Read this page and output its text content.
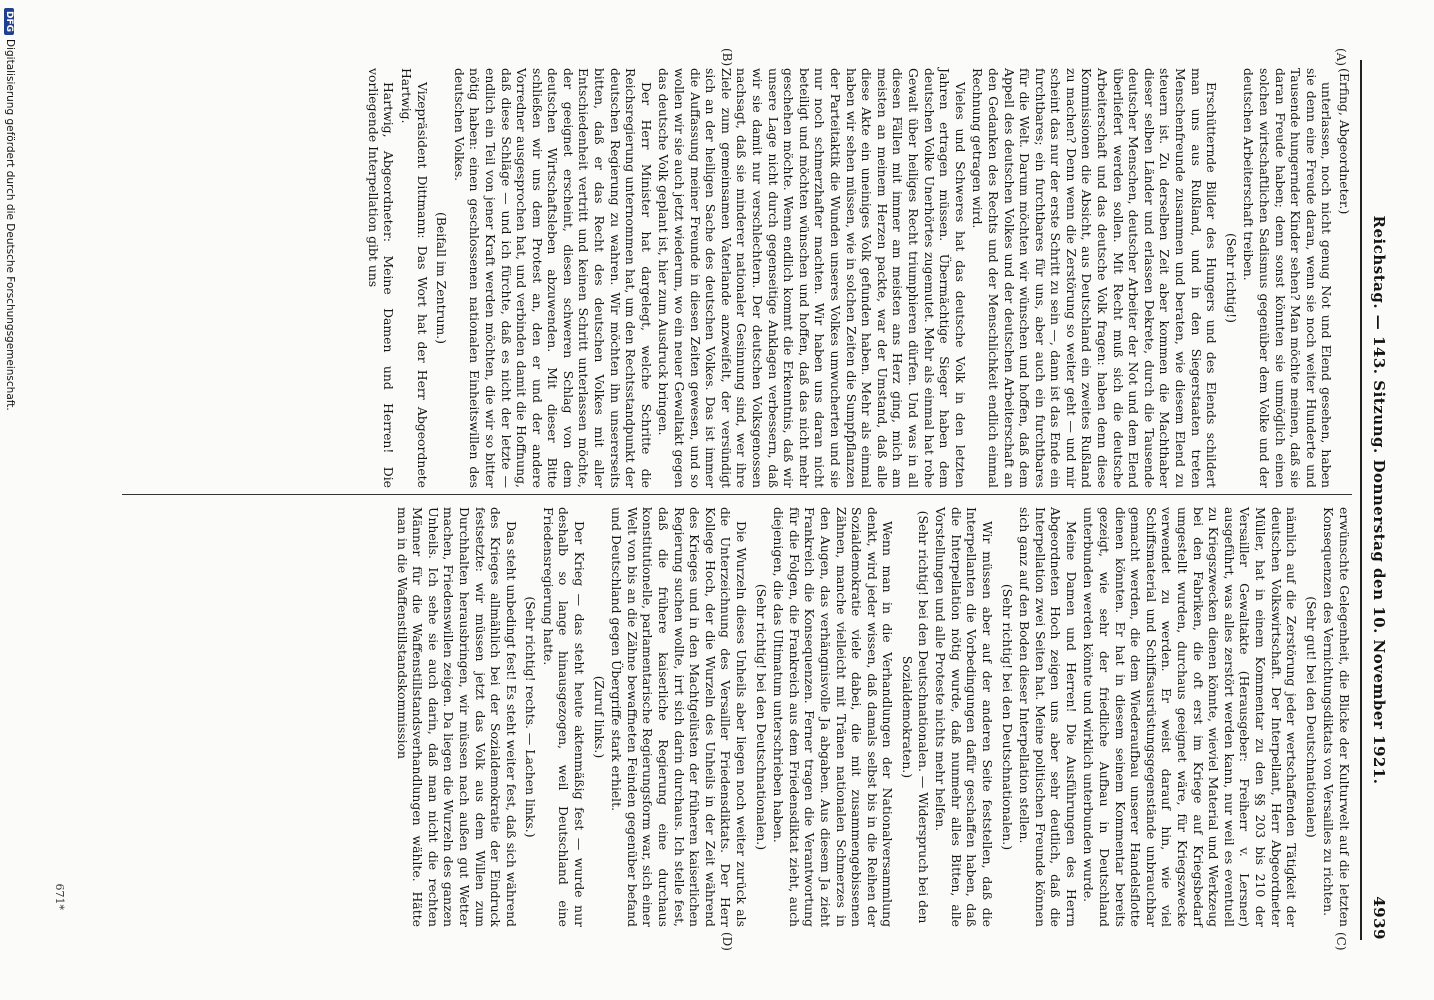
Reichstag. — 143. Sitzung. Donnerstag den 10. November 1921.
4939
(A)
(B)
(C)
(D)

(Erfing, Abgeordneter.)

unterlassen, noch nicht genug Not und Elend gesehen, haben sie denn eine Freude daran, wenn sie noch weiter Hunderte und Tausende hungernder Kinder sehen? Man möchte meinen, daß sie daran Freude haben; denn sonst könnten sie unmöglich einen solchen wirtschaftlichen Sadismus gegenüber dem Volke und der deutschen Arbeiterschaft treiben.

(Sehr richtig!)

Erschütternde Bilder des Hungers und des Elends schildert man uns aus Rußland, und in den Siegerstaaten treten Menschenfreunde zusammen und beraten, wie diesem Elend zu steuern ist. Zu derselben Zeit aber kommen die Machthaber dieser selben Länder und erlassen Dekrete, durch die Tausende deutscher Menschen, deutscher Arbeiter der Not und dem Elend überliefert werden sollen. Mit Recht muß sich die deutsche Arbeiterschaft und das deutsche Volk fragen: haben denn diese Kommissionen die Absicht, aus Deutschland ein zweites Rußland zu machen? Denn wenn die Zerstörung so weiter geht — und mir scheint das nur der erste Schritt zu sein —, dann ist das Ende ein furchtbares; ein furchtbares für uns, aber auch ein furchtbares für die Welt. Darum möchten wir wünschen und hoffen, daß dem Appell des deutschen Volkes und der deutschen Arbeiterschaft an den Gedanken des Rechts und der Menschlichkeit endlich einmal Rechnung getragen wird.

Vieles und Schweres hat das deutsche Volk in den letzten Jahren ertragen müssen. Übermächtige Sieger haben dem deutschen Volke Unerhörtes zugemutet. Mehr als einmal hat rohe Gewalt über heiliges Recht triumphieren dürfen. Und was in all diesen Fällen mit immer am meisten ans Herz ging, mich am meisten an meinem Herzen packte, war der Umstand, daß alle diese Akte ein uneiniges Volk gefunden haben. Mehr als einmal haben wir sehen müssen, wie in solchen Zeiten die Sumpfpflanzen der Parteitaktik die Wunden unseres Volkes umwucherten und sie nur noch schmerzhafter machten. Wir haben uns daran nicht beteiligt und möchten wünschen und hoffen, daß das nicht mehr geschehen möchte. Wenn endlich kommt die Erkenntnis, daß wir unsere Lage nicht durch gegenseitige Anklagen verbessern, daß wir sie damit nur verschlechtern. Der deutschen Volksgenossen nachsagt, daß sie minderer nationaler Gesinnung sind, wer ihre Ziele zum gemeinsamen Vaterlande anzweifelt, der versündigt sich an der heiligen Sache des deutschen Volkes. Das ist immer die Auffassung meiner Freunde in diesen Zeiten gewesen, und so wollen wir sie auch jetzt wiederum, wo ein neuer Gewaltakt gegen das deutsche Volk geplant ist, hier zum Ausdruck bringen.

Der Herr Minister hat dargelegt, welche Schritte die Reichsregierung unternommen hat, um den Rechtsstandpunkt der deutschen Regierung zu wahren. Wir möchten ihn unsererseits bitten, daß er das Recht des deutschen Volkes mit aller Entschiedenheit vertritt und keinen Schritt unterlassen möchte, der geeignet erscheint, diesen schweren Schlag von dem deutschen Wirtschaftsleben abzuwenden. Mit dieser Bitte schließen wir uns dem Protest an, den er und der andere Vorredner ausgesprochen hat, und verbinden damit die Hoffnung, daß diese Schläge — und ich fürchte, daß es nicht der letzte — endlich ein Teil von jener Kraft werden möchten, die wir so bitter nötig haben: einen geschlossenen nationalen Einheitswillen des deutschen Volkes.

(Beifall im Zentrum.)

Vizepräsident Dittmann: Das Wort hat der Herr Abgeordnete Hartwig.

Hartwig, Abgeordneter: Meine Damen und Herren! Die vorliegende Interpellation gibt uns

erwünschte Gelegenheit, die Blicke der Kulturwelt auf die letzten Konsequenzen des Vernichtungsdiktats von Versailles zu richten.

(Sehr gut! bei den Deutschnationalen)

nämlich auf die Zerstörung jeder wertschaffenden Tätigkeit der deutschen Volkswirtschaft. Der Interpellant, Herr Abgeordneter Müller, hat in einem Kommentar zu den §§ 203 bis 210 der Versailler Gewaltakte (Herausgeber: Freiherr v. Lersner) ausgeführt, was alles zerstört werden kann, nur weil es eventuell zu Kriegszwecken dienen könnte, wieviel Material und Werkzeug bei den Fabriken, die oft erst im Kriege auf Kriegsbedarf umgestellt wurden, durchaus geeignet wäre, für Kriegszwecke verwendet zu werden. Er weist darauf hin, wie viel Schiffsmaterial und Schiffsausrüstungsgegenstände unbrauchbar gemacht werden, die dem Wiederaufbau unserer Handelsflotte dienen könnten. Er hat in diesem seinem Kommentar bereits gezeigt, wie sehr der friedliche Aufbau in Deutschland unterbunden werden könnte und wirklich unterbunden wurde.

Meine Damen und Herren! Die Ausführungen des Herrn Abgeordneten Hoch zeigen uns aber sehr deutlich, daß die Interpellation zwei Seiten hat. Meine politischen Freunde können sich ganz auf den Boden dieser Interpellation stellen.

(Sehr richtig! bei den Deutschnationalen.)

Wir müssen aber auf der anderen Seite feststellen, daß die Interpellanten die Vorbedingungen dafür geschaffen haben, daß die Interpellation nötig wurde, daß nunmehr alles Bitten, alle Vorstellungen und alle Proteste nichts mehr helfen.

(Sehr richtig! bei den Deutschnationalen. — Widerspruch bei den Sozialdemokraten.)

Wenn man in die Verhandlungen der Nationalversammlung denkt, wird jeder wissen, daß damals selbst bis in die Reihen der Sozialdemokratie viele dabei, die mit zusammengebissenen Zähnen, manche vielleicht mit Tränen nationalen Schmerzes in den Augen, das verhängnisvolle Ja abgaben. Aus diesem Ja zieht Frankreich die Konsequenzen. Ferner tragen die Verantwortung für die Folgen, die Frankreich aus dem Friedensdiktat zieht, auch diejenigen, die das Ultimatum unterschrieben haben.

(Sehr richtig! bei den Deutschnationalen.)

Die Wurzeln dieses Unheils aber liegen noch weiter zurück als die Unterzeichnung des Versailler Friedensdiktats. Der Herr Kollege Hoch, der die Wurzeln des Unheils in der Zeit während des Krieges und in den Machtgelüsten der früheren kaiserlichen Regierung suchen wollte, irrt sich darin durchaus. Ich stelle fest, daß die frühere kaiserliche Regierung eine durchaus konstitutionelle, parlamentarische Regierungsform war, sich einer Welt von bis an die Zähne bewaffneten Feinden gegenüber befand und Deutschland gegen Übergriffe stark erhielt.

(Zuruf links.)

Der Krieg — das steht heute aktenmäßig fest — wurde nur deshalb so lange hinausgezogen, weil Deutschland eine Friedensregierung hatte.

(Sehr richtig! rechts. — Lachen links.)

Das steht unbedingt fest! Es steht weiter fest, daß sich während des Krieges allmählich bei der Sozialdemokratie der Eindruck festsetzte: wir müssen jetzt das Volk aus dem Willen zum Durchhalten herausbringen, wir müssen nach außen gut Wetter machen, Friedenswillen zeigen. Da liegen die Wurzeln des ganzen Unheils. Ich sehe sie auch darin, daß man nicht die rechten Männer für die Waffenstillstandsverhandlungen wählte. Hätte man in die Waffenstillstandskommission

671*
DFGDigitalisierung gefördert durch die Deutsche Forschungsgemeinschaft.
